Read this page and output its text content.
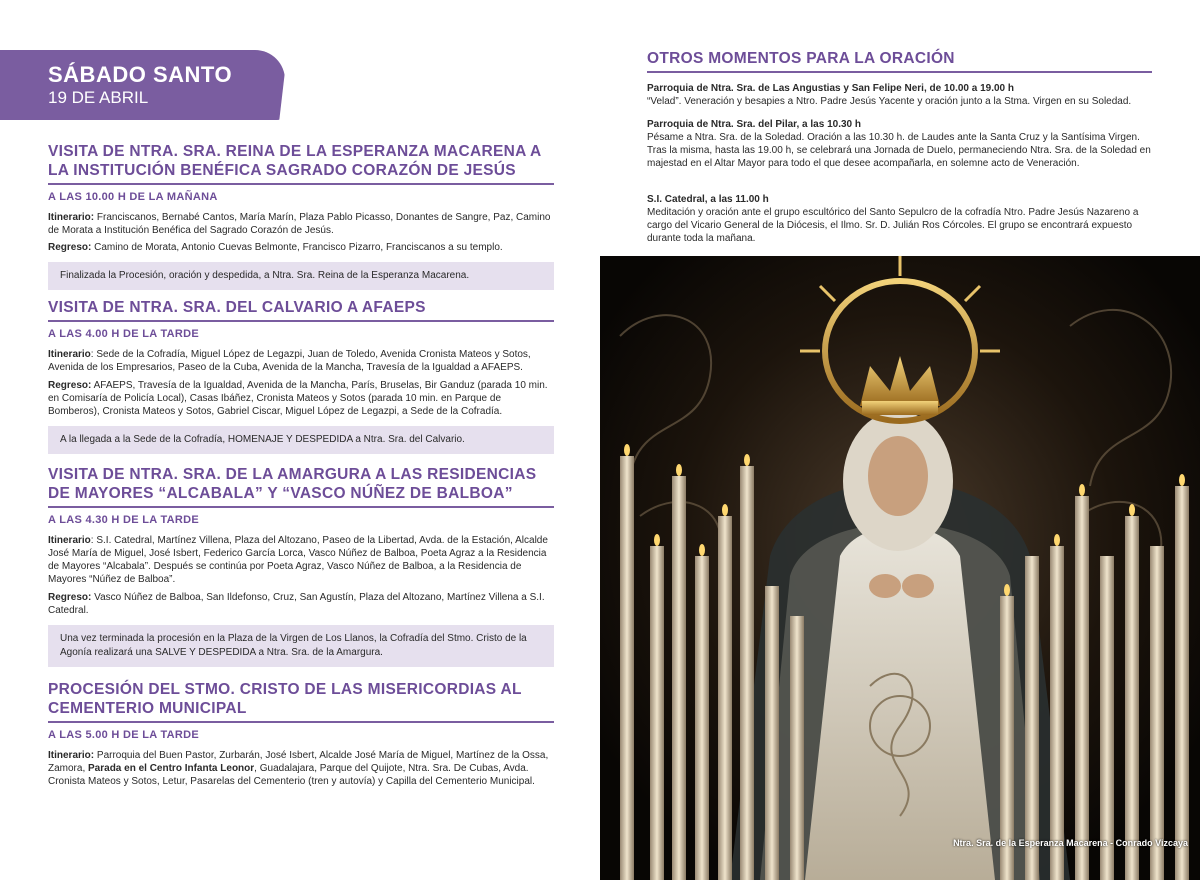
SÁBADO SANTO
19 DE ABRIL
VISITA DE NTRA. SRA. REINA DE LA ESPERANZA MACARENA A LA INSTITUCIÓN BENÉFICA SAGRADO CORAZÓN DE JESÚS
A LAS 10.00 H DE LA MAÑANA
Itinerario: Franciscanos, Bernabé Cantos, María Marín, Plaza Pablo Picasso, Donantes de Sangre, Paz, Camino de Morata a Institución Benéfica del Sagrado Corazón de Jesús.
Regreso: Camino de Morata, Antonio Cuevas Belmonte, Francisco Pizarro, Franciscanos a su templo.
Finalizada la Procesión, oración y despedida, a Ntra. Sra. Reina de la Esperanza Macarena.
VISITA DE NTRA. SRA. DEL CALVARIO A AFAEPS
A LAS 4.00 H DE LA TARDE
Itinerario: Sede de la Cofradía, Miguel López de Legazpi, Juan de Toledo, Avenida Cronista Mateos y Sotos, Avenida de los Empresarios, Paseo de la Cuba, Avenida de la Mancha, Travesía de la Igualdad a AFAEPS.
Regreso: AFAEPS, Travesía de la Igualdad, Avenida de la Mancha, París, Bruselas, Bir Ganduz (parada 10 min. en Comisaría de Policía Local), Casas Ibáñez, Cronista Mateos y Sotos (parada 10 min. en Parque de Bomberos), Cronista Mateos y Sotos, Gabriel Ciscar, Miguel López de Legazpi, a Sede de la Cofradía.
A la llegada a la Sede de la Cofradía, HOMENAJE Y DESPEDIDA a Ntra. Sra. del Calvario.
VISITA DE NTRA. SRA. DE LA AMARGURA A LAS RESIDENCIAS DE MAYORES “ALCABALA” Y “VASCO NÚÑEZ DE BALBOA”
A LAS 4.30 H DE LA TARDE
Itinerario: S.I. Catedral, Martínez Villena, Plaza del Altozano, Paseo de la Libertad, Avda. de la Estación, Alcalde José María de Miguel, José Isbert, Federico García Lorca, Vasco Núñez de Balboa, Poeta Agraz a la Residencia de Mayores “Alcabala”. Después se continúa por Poeta Agraz, Vasco Núñez de Balboa, a la Residencia de Mayores “Núñez de Balboa”.
Regreso: Vasco Núñez de Balboa, San Ildefonso, Cruz, San Agustín, Plaza del Altozano, Martínez Villena a S.I. Catedral.
Una vez terminada la procesión en la Plaza de la Virgen de Los Llanos, la Cofradía del Stmo. Cristo de la Agonía realizará una SALVE Y DESPEDIDA a Ntra. Sra. de la Amargura.
PROCESIÓN DEL STMO. CRISTO DE LAS MISERICORDIAS AL CEMENTERIO MUNICIPAL
A LAS 5.00 H DE LA TARDE
Itinerario: Parroquia del Buen Pastor, Zurbarán, José Isbert, Alcalde José María de Miguel, Martínez de la Ossa, Zamora, Parada en el Centro Infanta Leonor, Guadalajara, Parque del Quijote, Ntra. Sra. De Cubas, Avda. Cronista Mateos y Sotos, Letur, Pasarelas del Cementerio (tren y autovía) y Capilla del Cementerio Municipal.
OTROS MOMENTOS PARA LA ORACIÓN
Parroquia de Ntra. Sra. de Las Angustias y San Felipe Neri, de 10.00 a 19.00 h
“Velad”. Veneración y besapies a Ntro. Padre Jesús Yacente y oración junto a la Stma. Virgen en su Soledad.
Parroquia de Ntra. Sra. del Pilar, a las 10.30 h
Pésame a Ntra. Sra. de la Soledad. Oración a las 10.30 h. de Laudes ante la Santa Cruz y la Santísima Virgen. Tras la misma, hasta las 19.00 h, se celebrará una Jornada de Duelo, permaneciendo Ntra. Sra. de la Soledad en majestad en el Altar Mayor para todo el que desee acompañarla, en solemne acto de Veneración.
S.I. Catedral, a las 11.00 h
Meditación y oración ante el grupo escultórico del Santo Sepulcro de la cofradía Ntro. Padre Jesús Nazareno a cargo del Vicario General de la Diócesis, el Ilmo. Sr. D. Julián Ros Córcoles. El grupo se encontrará expuesto durante toda la mañana.
Ntra. Sra. de la Esperanza Macarena - Conrado Vizcaya
